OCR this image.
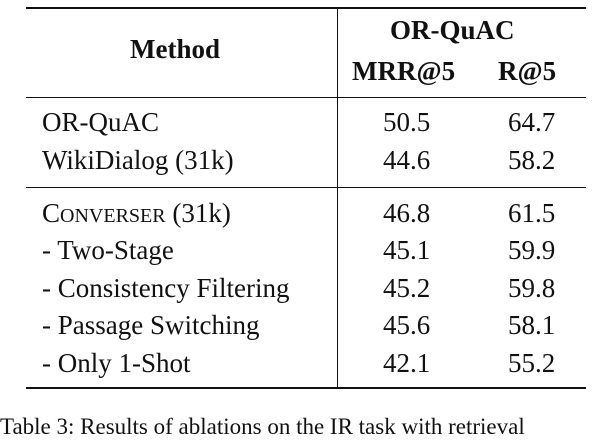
Method
OR-QuAC
MRR@5 R@5
OR-QuAC	50.5	64.7
WikiDialog (31k)	44.6	58.2
CONVERSER (31k)	46.8	61.5
- Two-Stage	45.1	59.9
- Consistency Filtering	45.2	59.8
- Passage Switching	45.6	58.1
- Only 1-Shot	42.1	55.2
Table 3: Results of ablations on the IR task with retrieval
